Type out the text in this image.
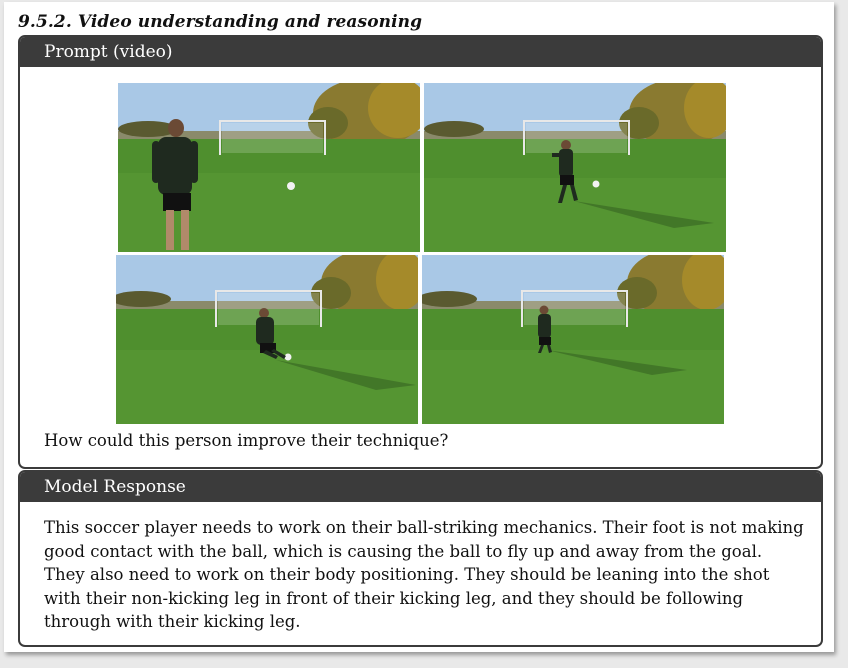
9.5.2. Video understanding and reasoning
Prompt (video)
How could this person improve their technique?
Model Response

This soccer player needs to work on their ball-striking mechanics. Their foot is not making good contact with the ball, which is causing the ball to fly up and away from the goal. They also need to work on their body positioning. They should be leaning into the shot with their non-kicking leg in front of their kicking leg, and they should be following through with their kicking leg.
